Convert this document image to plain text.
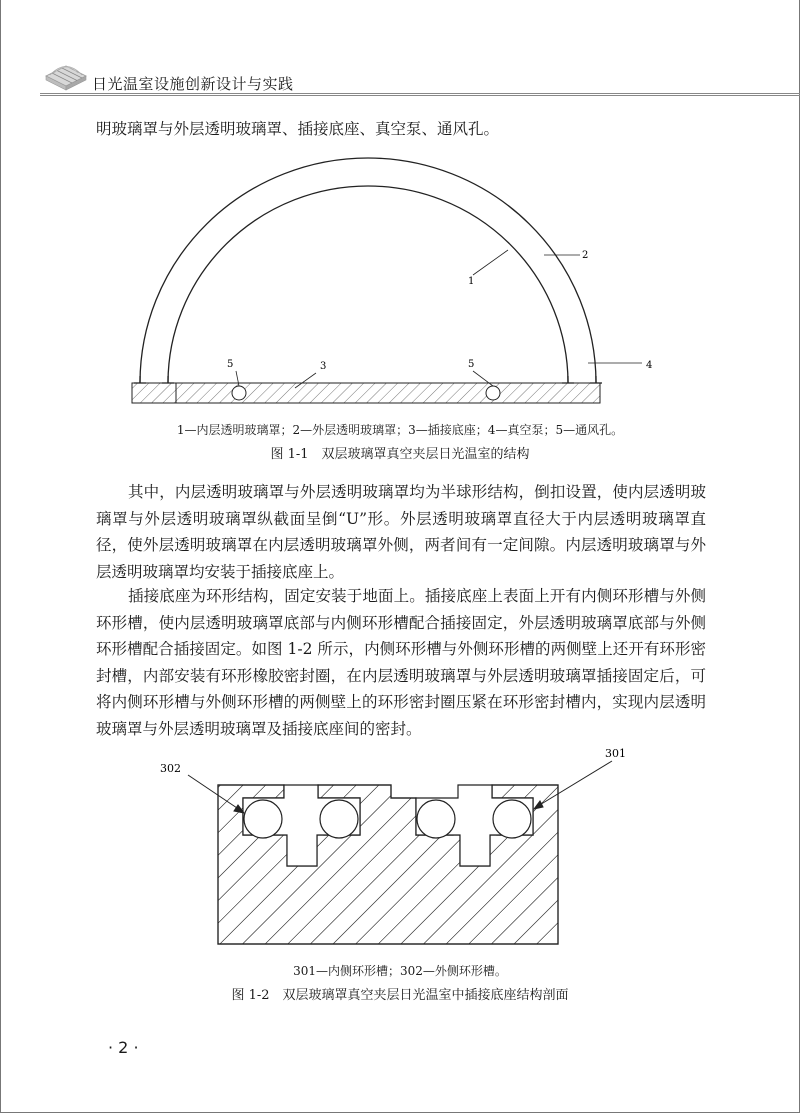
日光温室设施创新设计与实践

明玻璃罩与外层透明玻璃罩、插接底座、真空泵、通风孔。

2
1
4
3
5	5
1—内层透明玻璃罩；2—外层透明玻璃罩；3—插接底座；4—真空泵；5—通风孔。
图 1-1　双层玻璃罩真空夹层日光温室的结构

其中，内层透明玻璃罩与外层透明玻璃罩均为半球形结构，倒扣设置，使内层透明玻璃罩与外层透明玻璃罩纵截面呈倒“U”形。外层透明玻璃罩直径大于内层透明玻璃罩直径，使外层透明玻璃罩在内层透明玻璃罩外侧，两者间有一定间隙。内层透明玻璃罩与外层透明玻璃罩均安装于插接底座上。

插接底座为环形结构，固定安装于地面上。插接底座上表面上开有内侧环形槽与外侧环形槽，使内层透明玻璃罩底部与内侧环形槽配合插接固定，外层透明玻璃罩底部与外侧环形槽配合插接固定。如图 1-2 所示，内侧环形槽与外侧环形槽的两侧壁上还开有环形密封槽，内部安装有环形橡胶密封圈，在内层透明玻璃罩与外层透明玻璃罩插接固定后，可将内侧环形槽与外侧环形槽的两侧壁上的环形密封圈压紧在环形密封槽内，实现内层透明玻璃罩与外层透明玻璃罩及插接底座间的密封。

302
301
301—内侧环形槽；302—外侧环形槽。
图 1-2　双层玻璃罩真空夹层日光温室中插接底座结构剖面
· 2 ·
